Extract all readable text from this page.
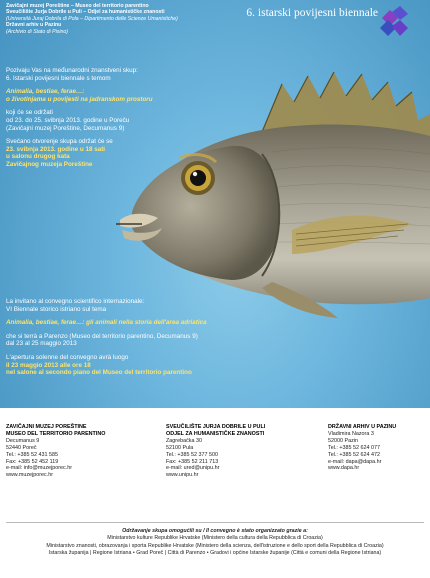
Zavičajni muzej Poreštine – Museo del territorio parentino

Sveučilište Jurja Dobrile u Puli – Odjel za humanističke znanosti

(Università Juraj Dobrila di Pola – Dipartimento delle Scienze Umanistiche)

Državni arhiv u Pazinu

(Archivio di Stato di Pisino)

6. istarski povijesni biennale

Pozivaju Vas na međunarodni znanstveni skup:

6. Istarski povijesni biennale s temom

Animalia, bestiae, ferae…:

o životinjama u povijesti na jadranskom prostoru

koji će se održati

od 23. do 25. svibnja 2013. godine u Poreču

(Zavičajni muzej Poreštine, Decumanus 9)

Svečano otvorenje skupa održat će se

23. svibnja 2013. godine u 18 sati

u salonu drugog kata

Zavičajnog muzeja Poreštine

La invitano al convegno scientifico internazionale:

VI Biennale storico istriano sul tema

Animalia, bestiae, ferae…: gli animali nella storia dell'area adriatica

che si terrà a Parenzo (Museo del territorio parentino, Decumanus 9)

dal 23 al 25 maggio 2013

L'apertura solenne del convegno avrà luogo

il 23 maggio 2013 alle ore 18

nel salone al secondo piano del Museo del territorio parentino

ZAVIČAJNI MUZEJ POREŠTINE

MUSEO DEL TERRITORIO PARENTINO

Decumanus 9

52440 Poreč

Tel.: +385 52 431 585

Fax: +385 52 452 119

e-mail: info@muzejporec.hr

www.muzejporec.hr

SVEUČILIŠTE JURJA DOBRILE U PULI

ODJEL ZA HUMANISTIČKE ZNANOSTI

Zagrebačka 30

52100 Pula

Tel.: +385 52 377 500

Fax: +385 52 211 713

e-mail: ured@unipu.hr

www.unipu.hr

DRŽAVNI ARHIV U PAZINU

Vladimira Nazora 3

52000 Pazin

Tel.: +385 52 624 077

Tel.: +385 52 624 472

e-mail: dapa@dapa.hr

www.dapa.hr

Održavanje skupa omogućili su / Il convegno è stato organizzato grazie a:

Ministarstvo kulture Republike Hrvatske (Ministero della cultura della Repubblica di Croazia)

Ministarstvo znanosti, obrazovanja i sporta Republike Hrvatske (Ministero della scienza, dell'istruzione e dello sport della Repubblica di Croazia)

Istarska županija | Regione Istriana • Grad Poreč | Città di Parenzo • Gradovi i općine Istarske županije (Città e comuni della Regione Istriana)
